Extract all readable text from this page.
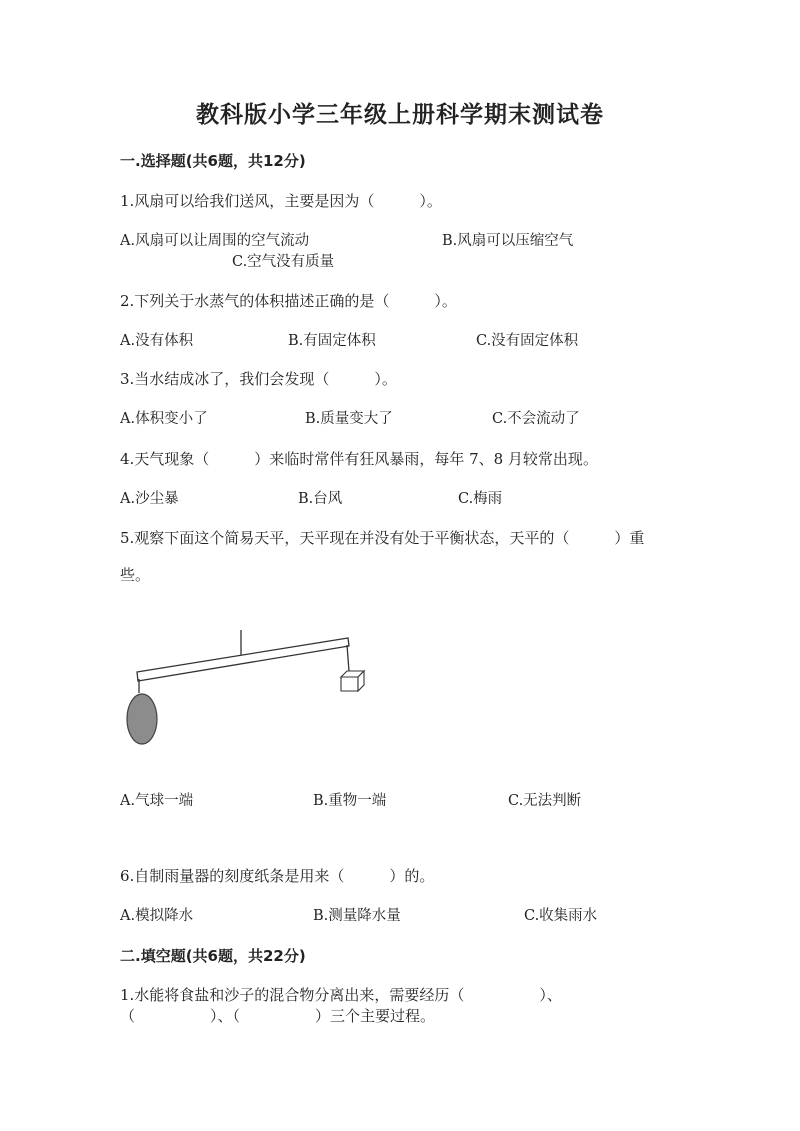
教科版小学三年级上册科学期末测试卷
一.选择题(共6题，共12分)
1.风扇可以给我们送风，主要是因为（　　　）。
A.风扇可以让周围的空气流动	B.风扇可以压缩空气
C.空气没有质量
2.下列关于水蒸气的体积描述正确的是（　　　）。
A.没有体积	B.有固定体积	C.没有固定体积
3.当水结成冰了，我们会发现（　　　）。
A.体积变小了	B.质量变大了	C.不会流动了
4.天气现象（　　　）来临时常伴有狂风暴雨，每年 7、8 月较常出现。
A.沙尘暴	B.台风	C.梅雨
5.观察下面这个简易天平，天平现在并没有处于平衡状态，天平的（　　　）重
些。
A.气球一端	B.重物一端	C.无法判断
6.自制雨量器的刻度纸条是用来（　　　）的。
A.模拟降水	B.测量降水量	C.收集雨水
二.填空题(共6题，共22分)
1.水能将食盐和沙子的混合物分离出来，需要经历（　　　　　）、
（　　　　　）、（　　　　　）三个主要过程。
